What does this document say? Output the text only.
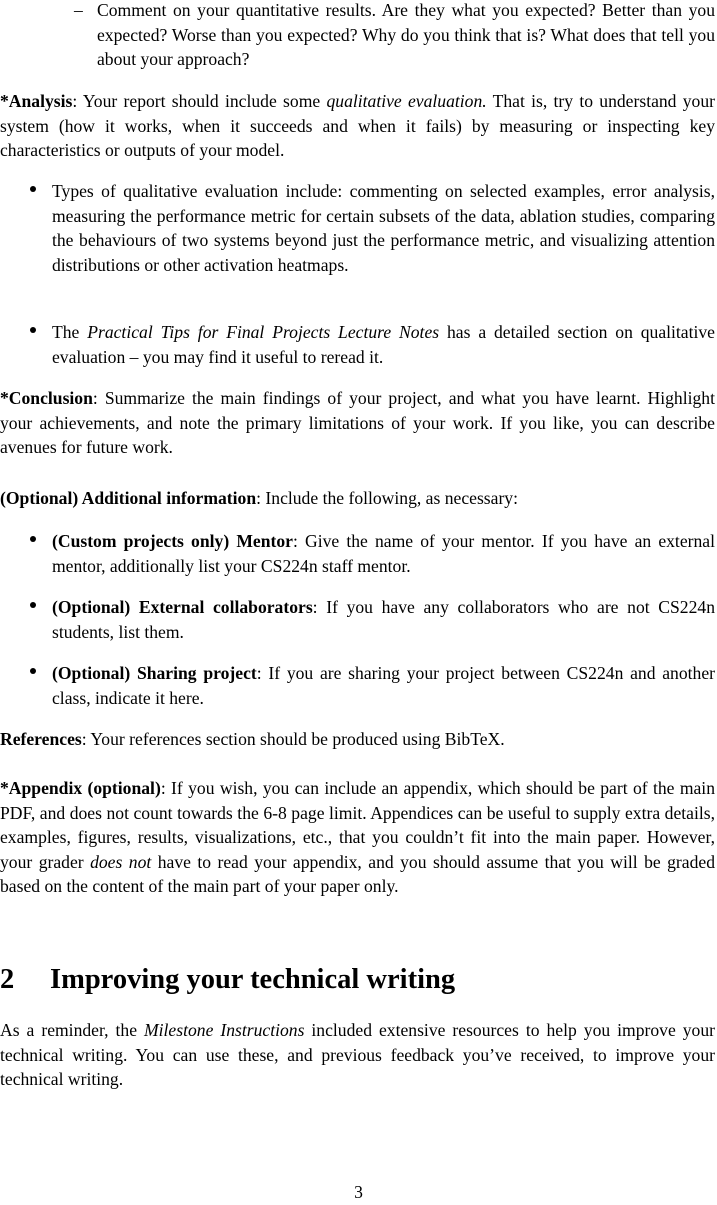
– Comment on your quantitative results. Are they what you expected? Better than you expected? Worse than you expected? Why do you think that is? What does that tell you about your approach?

*Analysis: Your report should include some qualitative evaluation. That is, try to understand your system (how it works, when it succeeds and when it fails) by measuring or inspecting key characteristics or outputs of your model.

Types of qualitative evaluation include: commenting on selected examples, error analysis, measuring the performance metric for certain subsets of the data, ablation studies, comparing the behaviours of two systems beyond just the performance metric, and visualizing attention distributions or other activation heatmaps.

The Practical Tips for Final Projects Lecture Notes has a detailed section on qualitative evaluation – you may find it useful to reread it.

*Conclusion: Summarize the main findings of your project, and what you have learnt. Highlight your achievements, and note the primary limitations of your work. If you like, you can describe avenues for future work.

(Optional) Additional information: Include the following, as necessary:

(Custom projects only) Mentor: Give the name of your mentor. If you have an external mentor, additionally list your CS224n staff mentor.

(Optional) External collaborators: If you have any collaborators who are not CS224n students, list them.

(Optional) Sharing project: If you are sharing your project between CS224n and another class, indicate it here.

References: Your references section should be produced using BibTeX.

*Appendix (optional): If you wish, you can include an appendix, which should be part of the main PDF, and does not count towards the 6-8 page limit. Appendices can be useful to supply extra details, examples, figures, results, visualizations, etc., that you couldn’t fit into the main paper. However, your grader does not have to read your appendix, and you should assume that you will be graded based on the content of the main part of your paper only.

2 Improving your technical writing

As a reminder, the Milestone Instructions included extensive resources to help you improve your technical writing. You can use these, and previous feedback you’ve received, to improve your technical writing.

3
